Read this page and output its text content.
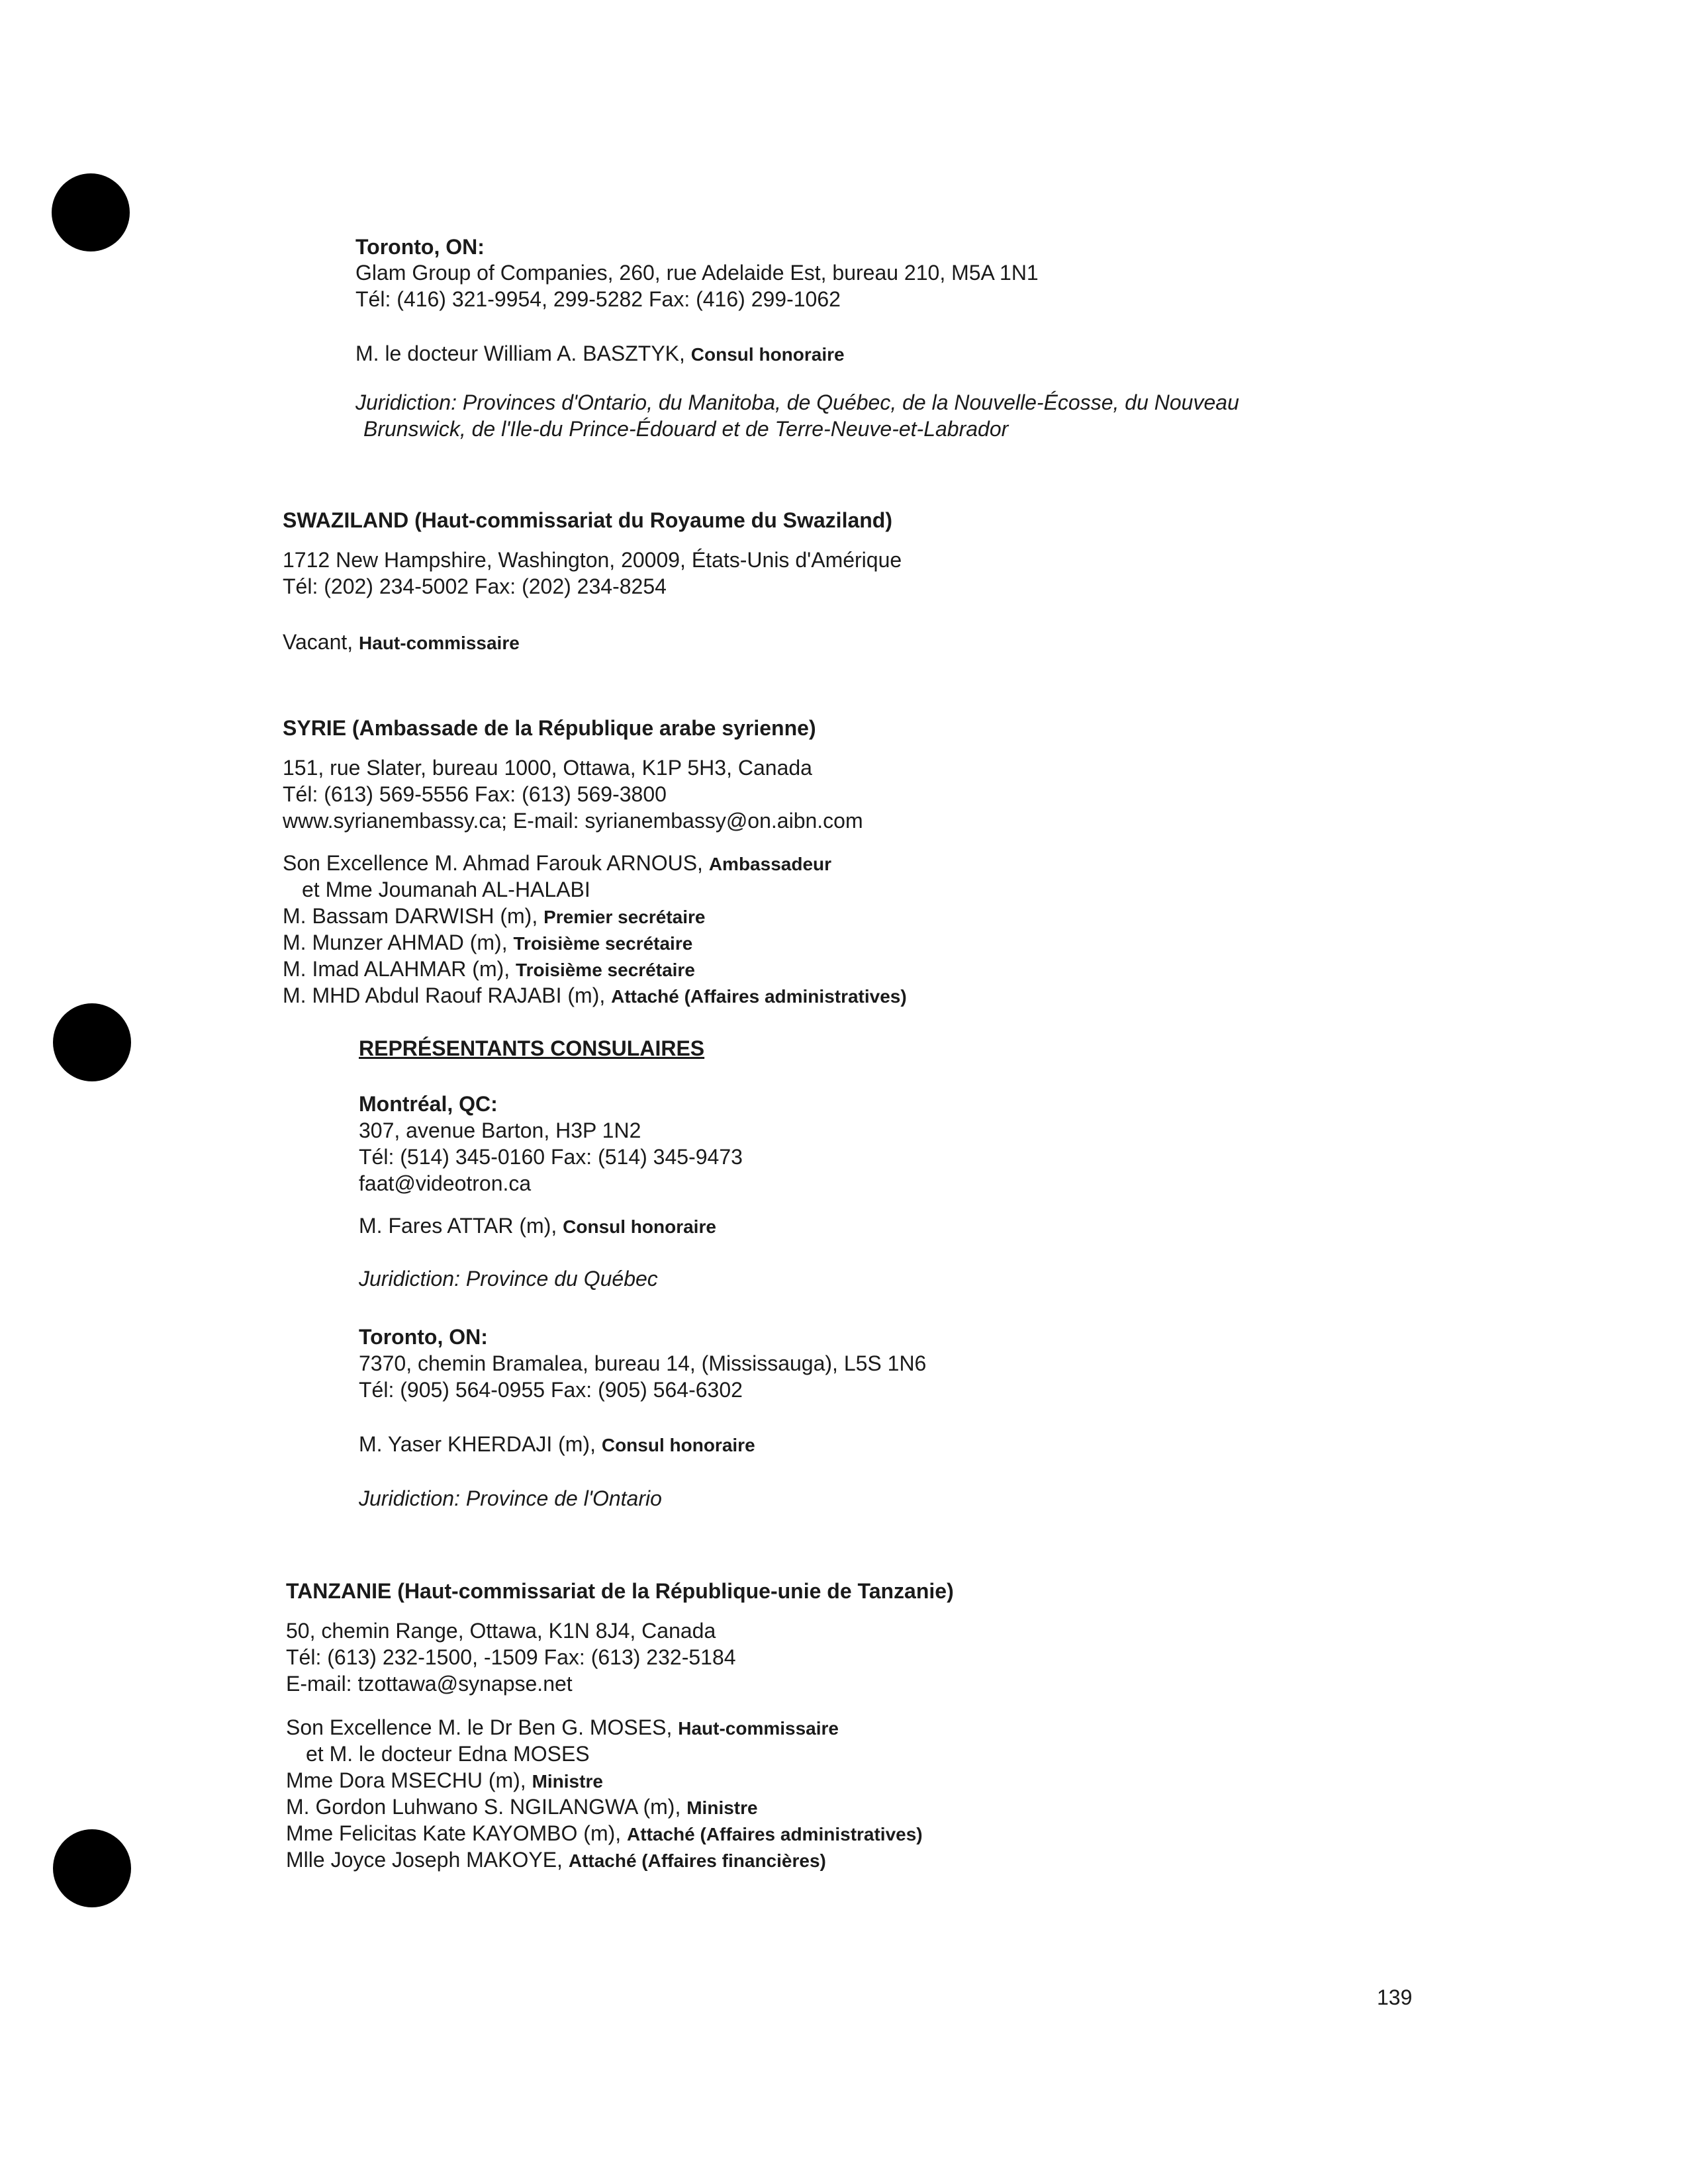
Toronto, ON:
Glam Group of Companies, 260, rue Adelaide Est, bureau 210, M5A 1N1
Tél: (416) 321-9954, 299-5282 Fax: (416) 299-1062
M. le docteur William A. BASZTYK, Consul honoraire
Juridiction: Provinces d'Ontario, du Manitoba, de Québec, de la Nouvelle-Écosse, du Nouveau
Brunswick, de l'Ile-du Prince-Édouard et de Terre-Neuve-et-Labrador
SWAZILAND (Haut-commissariat du Royaume du Swaziland)
1712 New Hampshire, Washington, 20009, États-Unis d'Amérique
Tél: (202) 234-5002 Fax: (202) 234-8254
Vacant, Haut-commissaire
SYRIE (Ambassade de la République arabe syrienne)
151, rue Slater, bureau 1000, Ottawa, K1P 5H3, Canada
Tél: (613) 569-5556 Fax: (613) 569-3800
www.syrianembassy.ca; E-mail: syrianembassy@on.aibn.com
Son Excellence M. Ahmad Farouk ARNOUS, Ambassadeur
et Mme Joumanah AL-HALABI
M. Bassam DARWISH (m), Premier secrétaire
M. Munzer AHMAD (m), Troisième secrétaire
M. Imad ALAHMAR (m), Troisième secrétaire
M. MHD Abdul Raouf RAJABI (m), Attaché (Affaires administratives)
REPRÉSENTANTS CONSULAIRES
Montréal, QC:
307, avenue Barton, H3P 1N2
Tél: (514) 345-0160 Fax: (514) 345-9473
faat@videotron.ca
M. Fares ATTAR (m), Consul honoraire
Juridiction: Province du Québec
Toronto, ON:
7370, chemin Bramalea, bureau 14, (Mississauga), L5S 1N6
Tél: (905) 564-0955 Fax: (905) 564-6302
M. Yaser KHERDAJI (m), Consul honoraire
Juridiction: Province de l'Ontario
TANZANIE (Haut-commissariat de la République-unie de Tanzanie)
50, chemin Range, Ottawa, K1N 8J4, Canada
Tél: (613) 232-1500, -1509 Fax: (613) 232-5184
E-mail: tzottawa@synapse.net
Son Excellence M. le Dr Ben G. MOSES, Haut-commissaire
et M. le docteur Edna MOSES
Mme Dora MSECHU (m), Ministre
M. Gordon Luhwano S. NGILANGWA (m), Ministre
Mme Felicitas Kate KAYOMBO (m), Attaché (Affaires administratives)
Mlle Joyce Joseph MAKOYE, Attaché (Affaires financières)
139
